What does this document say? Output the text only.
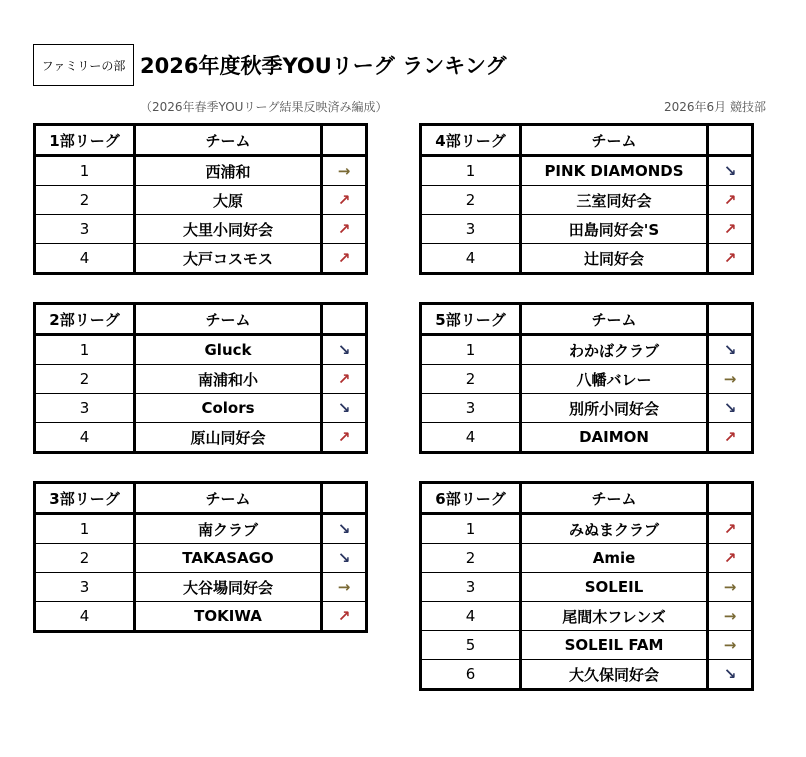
ファミリーの部 2026年度秋季YOUリーグ ランキング
（2026年春季YOUリーグ結果反映済み編成）	2026年6月 競技部
1部リーグ	チーム	
1	西浦和	→
2	大原	↗
3	大里小同好会	↗
4	大戸コスモス	↗
2部リーグ	チーム	
1	Gluck	↘
2	南浦和小	↗
3	Colors	↘
4	原山同好会	↗
3部リーグ	チーム	
1	南クラブ	↘
2	TAKASAGO	↘
3	大谷場同好会	→
4	TOKIWA	↗
4部リーグ	チーム	
1	PINK DIAMONDS	↘
2	三室同好会	↗
3	田島同好会'S	↗
4	辻同好会	↗
5部リーグ	チーム	
1	わかばクラブ	↘
2	八幡バレー	→
3	別所小同好会	↘
4	DAIMON	↗
6部リーグ	チーム	
1	みぬまクラブ	↗
2	Amie	↗
3	SOLEIL	→
4	尾間木フレンズ	→
5	SOLEIL FAM	→
6	大久保同好会	↘
